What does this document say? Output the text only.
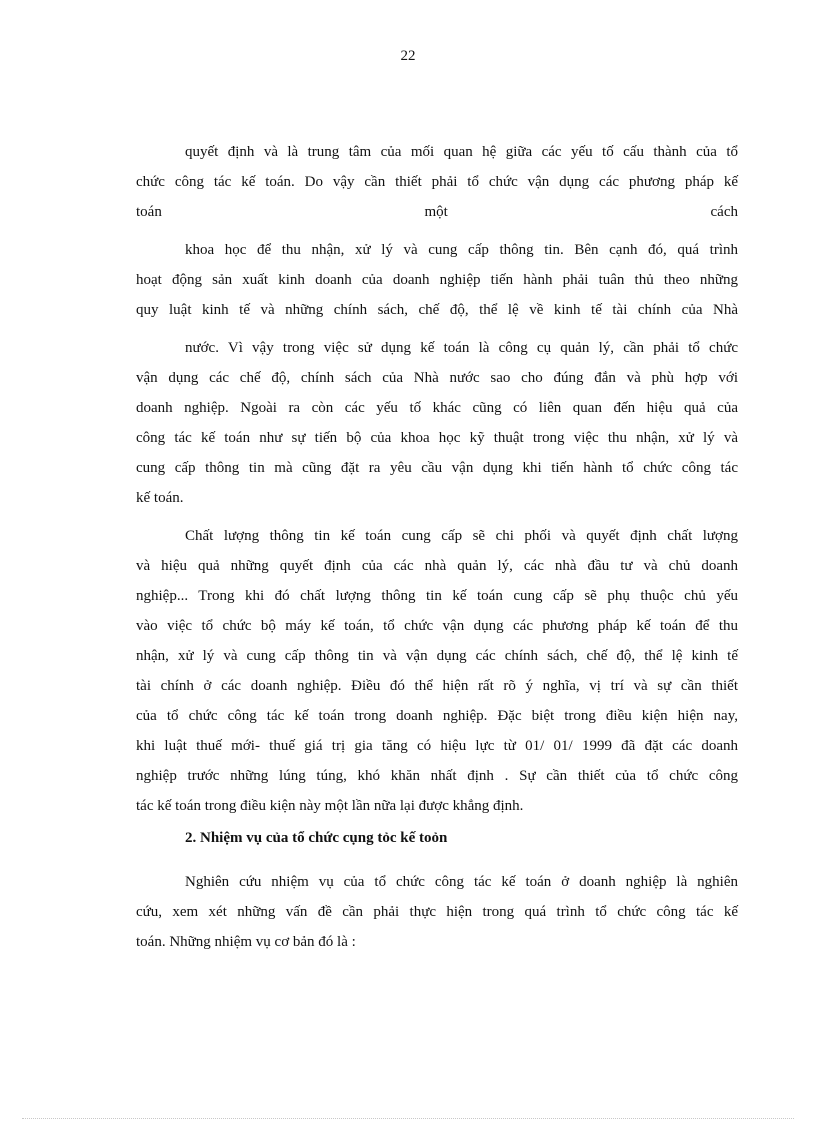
22
quyết định và là trung tâm của mối quan hệ giữa các yếu tố cấu thành của tổ
chức công tác kế toán. Do vậy cần thiết phải tổ chức vận dụng các phương pháp kế
toán một cách
khoa học để thu nhận, xử lý và cung cấp thông tin. Bên cạnh đó, quá trình
hoạt động sản xuất kinh doanh của doanh nghiệp tiến hành phải tuân thủ theo những
quy luật kinh tế và những chính sách, chế độ, thể lệ về kinh tế tài chính của Nhà
nước. Vì vậy trong việc sử dụng kế toán là công cụ quản lý, cần phải tổ chức
vận dụng các chế độ, chính sách của Nhà nước sao cho đúng đắn và phù hợp với
doanh nghiệp. Ngoài ra còn các yếu tố khác cũng có liên quan đến hiệu quả của
công tác kế toán như sự tiến bộ của khoa học kỹ thuật trong việc thu nhận, xử lý và
cung cấp thông tin mà cũng đặt ra yêu cầu vận dụng khi tiến hành tổ chức công tác
kế toán.
Chất lượng thông tin kế toán cung cấp sẽ chi phối và quyết định chất lượng
và hiệu quả những quyết định của các nhà quản lý, các nhà đầu tư và chủ doanh
nghiệp... Trong khi đó chất lượng thông tin kế toán cung cấp sẽ phụ thuộc chủ yếu
vào việc tổ chức bộ máy kế toán, tổ chức vận dụng các phương pháp kế toán để thu
nhận, xử lý và cung cấp thông tin và vận dụng các chính sách, chế độ, thể lệ kinh tế
tài chính ở các doanh nghiệp. Điều đó thể hiện rất rõ ý nghĩa, vị trí và sự cần thiết
của tổ chức công tác kế toán trong doanh nghiệp. Đặc biệt trong điều kiện hiện nay,
khi luật thuế mới- thuế giá trị gia tăng có hiệu lực từ 01/ 01/ 1999 đã đặt các doanh
nghiệp trước những lúng túng, khó khăn nhất định . Sự cần thiết của tổ chức công
tác kế toán trong điều kiện này một lần nữa lại được khẳng định.
2. Nhiệm vụ của tổ chức cụng tỏc kế toỏn
Nghiên cứu nhiệm vụ của tổ chức công tác kế toán ở doanh nghiệp là nghiên
cứu, xem xét những vấn đề cần phải thực hiện trong quá trình tổ chức công tác kế
toán. Những nhiệm vụ cơ bản đó là :
